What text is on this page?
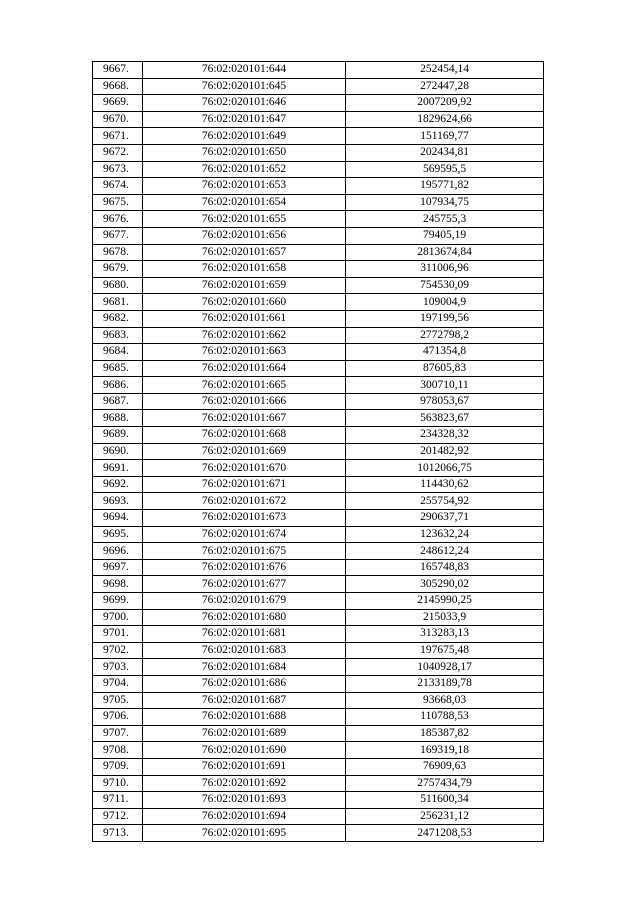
9667.	76:02:020101:644	252454,14
9668.	76:02:020101:645	272447,28
9669.	76:02:020101:646	2007209,92
9670.	76:02:020101:647	1829624,66
9671.	76:02:020101:649	151169,77
9672.	76:02:020101:650	202434,81
9673.	76:02:020101:652	569595,5
9674.	76:02:020101:653	195771,82
9675.	76:02:020101:654	107934,75
9676.	76:02:020101:655	245755,3
9677.	76:02:020101:656	79405,19
9678.	76:02:020101:657	2813674,84
9679.	76:02:020101:658	311006,96
9680.	76:02:020101:659	754530,09
9681.	76:02:020101:660	109004,9
9682.	76:02:020101:661	197199,56
9683.	76:02:020101:662	2772798,2
9684.	76:02:020101:663	471354,8
9685.	76:02:020101:664	87605,83
9686.	76:02:020101:665	300710,11
9687.	76:02:020101:666	978053,67
9688.	76:02:020101:667	563823,67
9689.	76:02:020101:668	234328,32
9690.	76:02:020101:669	201482,92
9691.	76:02:020101:670	1012066,75
9692.	76:02:020101:671	114430,62
9693.	76:02:020101:672	255754,92
9694.	76:02:020101:673	290637,71
9695.	76:02:020101:674	123632,24
9696.	76:02:020101:675	248612,24
9697.	76:02:020101:676	165748,83
9698.	76:02:020101:677	305290,02
9699.	76:02:020101:679	2145990,25
9700.	76:02:020101:680	215033,9
9701.	76:02:020101:681	313283,13
9702.	76:02:020101:683	197675,48
9703.	76:02:020101:684	1040928,17
9704.	76:02:020101:686	2133189,78
9705.	76:02:020101:687	93668,03
9706.	76:02:020101:688	110788,53
9707.	76:02:020101:689	185387,82
9708.	76:02:020101:690	169319,18
9709.	76:02:020101:691	76909,63
9710.	76:02:020101:692	2757434,79
9711.	76:02:020101:693	511600,34
9712.	76:02:020101:694	256231,12
9713.	76:02:020101:695	2471208,53
